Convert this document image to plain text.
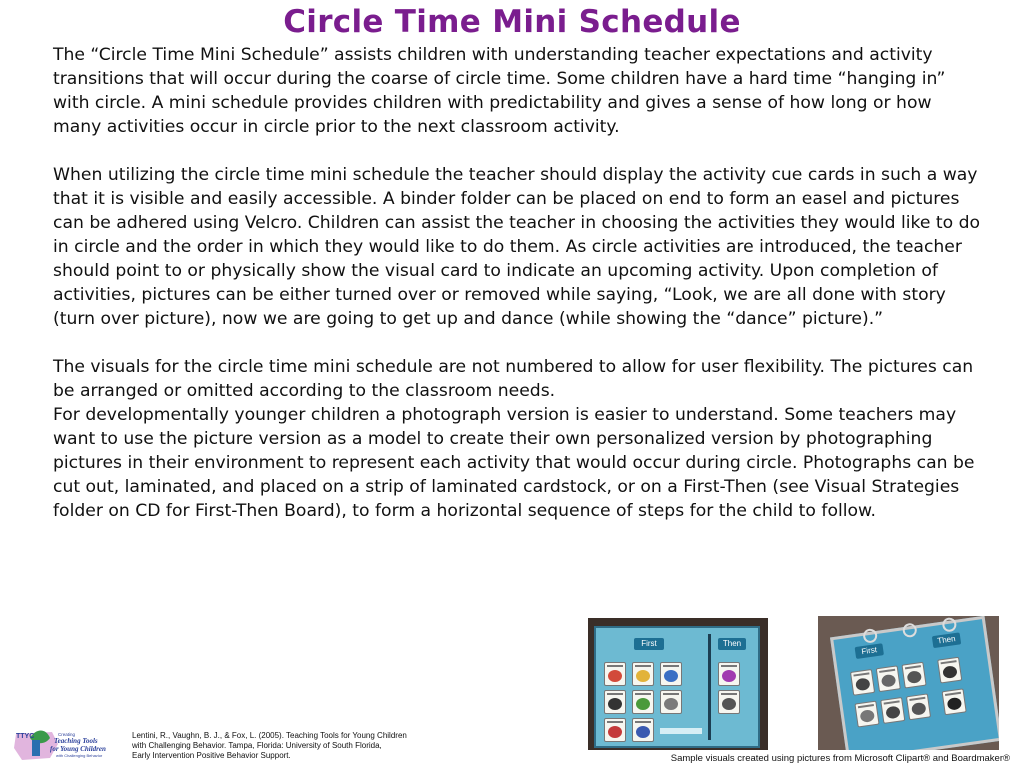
Circle Time Mini Schedule

The “Circle Time Mini Schedule” assists children with understanding teacher expectations and activity transitions that will occur during the coarse of circle time. Some children have a hard time “hanging in” with circle. A mini schedule provides children with predictability and gives a sense of how long or how many activities occur in circle prior to the next classroom activity.

When utilizing the circle time mini schedule the teacher should display the activity cue cards in such a way that it is visible and easily accessible. A binder folder can be placed on end to form an easel and pictures can be adhered using Velcro. Children can assist the teacher in choosing the activities they would like to do in circle and the order in which they would like to do them. As circle activities are introduced, the teacher should point to or physically show the visual card to indicate an upcoming activity. Upon completion of activities, pictures can be either turned over or removed while saying, “Look, we are all done with story (turn over picture), now we are going to get up and dance (while showing the “dance” picture).”

The visuals for the circle time mini schedule are not numbered to allow for user flexibility. The pictures can be arranged or omitted according to the classroom needs.

For developmentally younger children a photograph version is easier to understand. Some teachers may want to use the picture version as a model to create their own personalized version by photographing pictures in their environment to represent each activity that would occur during circle. Photographs can be cut out, laminated, and placed on a strip of laminated cardstock, or on a First-Then (see Visual Strategies folder on CD for First-Then Board), to form a horizontal sequence of steps for the child to follow.

First	Then
First
Then
Sample visuals created using pictures from Microsoft Clipart® and Boardmaker®
TTYC	Creating
Teaching Tools
for Young Children
with Challenging Behavior
Lentini, R., Vaughn, B. J., & Fox, L. (2005). Teaching Tools for Young Children
with Challenging Behavior. Tampa, Florida: University of South Florida,
Early Intervention Positive Behavior Support.
